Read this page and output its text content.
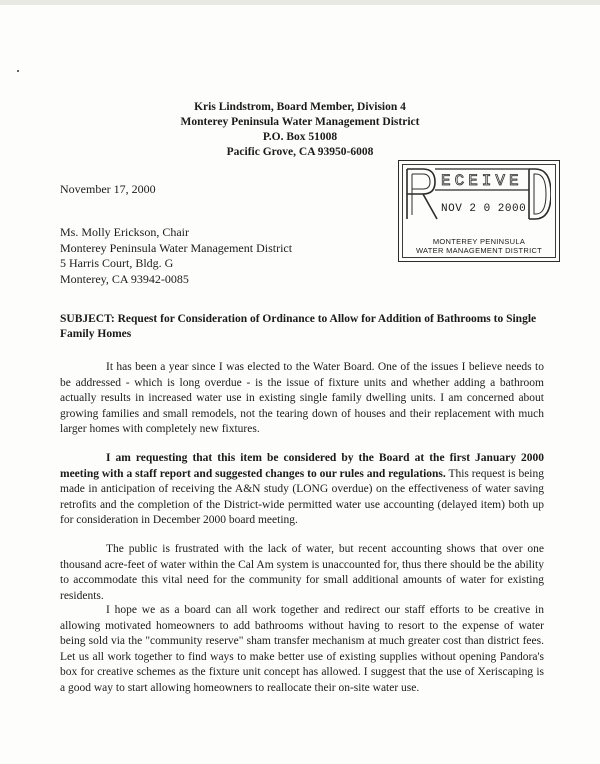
Kris Lindstrom, Board Member, Division 4
Monterey Peninsula Water Management District
P.O. Box 51008
Pacific Grove, CA 93950-6008
November 17, 2000	ECEIVE
NOV 2 0 2000
MONTEREY PENINSULA
WATER MANAGEMENT DISTRICT
Ms. Molly Erickson, Chair
Monterey Peninsula Water Management District
5 Harris Court, Bldg. G
Monterey, CA 93942-0085
SUBJECT: Request for Consideration of Ordinance to Allow for Addition of Bathrooms to Single Family Homes
It has been a year since I was elected to the Water Board. One of the issues I believe needs to be addressed - which is long overdue - is the issue of fixture units and whether adding a bathroom actually results in increased water use in existing single family dwelling units. I am concerned about growing families and small remodels, not the tearing down of houses and their replacement with much larger homes with completely new fixtures.
I am requesting that this item be considered by the Board at the first January 2000 meeting with a staff report and suggested changes to our rules and regulations. This request is being made in anticipation of receiving the A&N study (LONG overdue) on the effectiveness of water saving retrofits and the completion of the District-wide permitted water use accounting (delayed item) both up for consideration in December 2000 board meeting.
The public is frustrated with the lack of water, but recent accounting shows that over one thousand acre-feet of water within the Cal Am system is unaccounted for, thus there should be the ability to accommodate this vital need for the community for small additional amounts of water for existing residents.
I hope we as a board can all work together and redirect our staff efforts to be creative in allowing motivated homeowners to add bathrooms without having to resort to the expense of water being sold via the "community reserve" sham transfer mechanism at much greater cost than district fees. Let us all work together to find ways to make better use of existing supplies without opening Pandora's box for creative schemes as the fixture unit concept has allowed. I suggest that the use of Xeriscaping is a good way to start allowing homeowners to reallocate their on-site water use.
